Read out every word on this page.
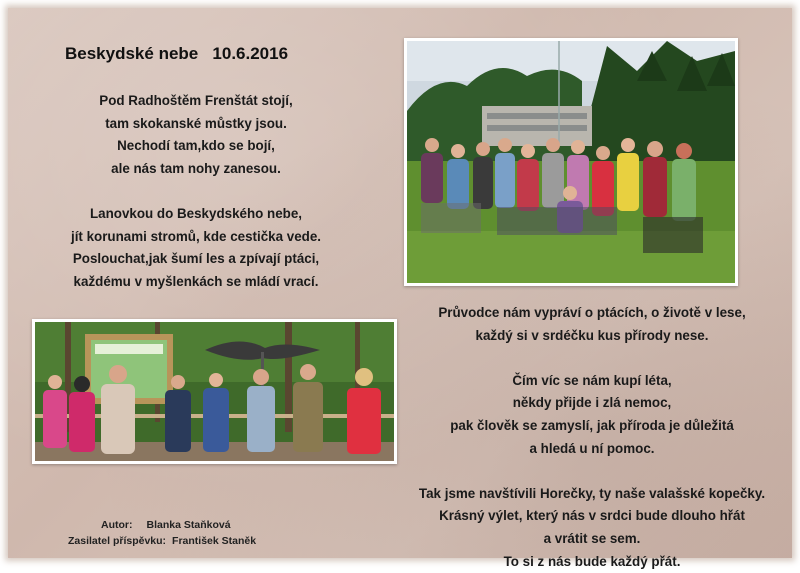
Beskydské nebe   10.6.2016
Pod Radhoštěm Frenštát stojí,
tam skokanské můstky jsou.
Nechodí tam,kdo se bojí,
ale nás tam nohy zanesou.
Lanovkou do Beskydského nebe,
jít korunami stromů, kde cestička vede.
Poslouchat,jak šumí les a zpívají ptáci,
každému v myšlenkách se mládí vrací.
Průvodce nám vypráví o ptácích, o životě v lese,
každý si v srdéčku kus přírody nese.
Čím víc se nám kupí léta,
někdy přijde i zlá nemoc,
pak člověk se zamyslí, jak příroda je důležitá
a hledá u ní pomoc.
Tak jsme navštívili Horečky, ty naše valašské kopečky.
Krásný výlet, který nás v srdci bude dlouho hřát
a vrátit se sem.
To si z nás bude každý přát.
Autor: Blanka Staňková
Zasilatel příspěvku: František Staněk
